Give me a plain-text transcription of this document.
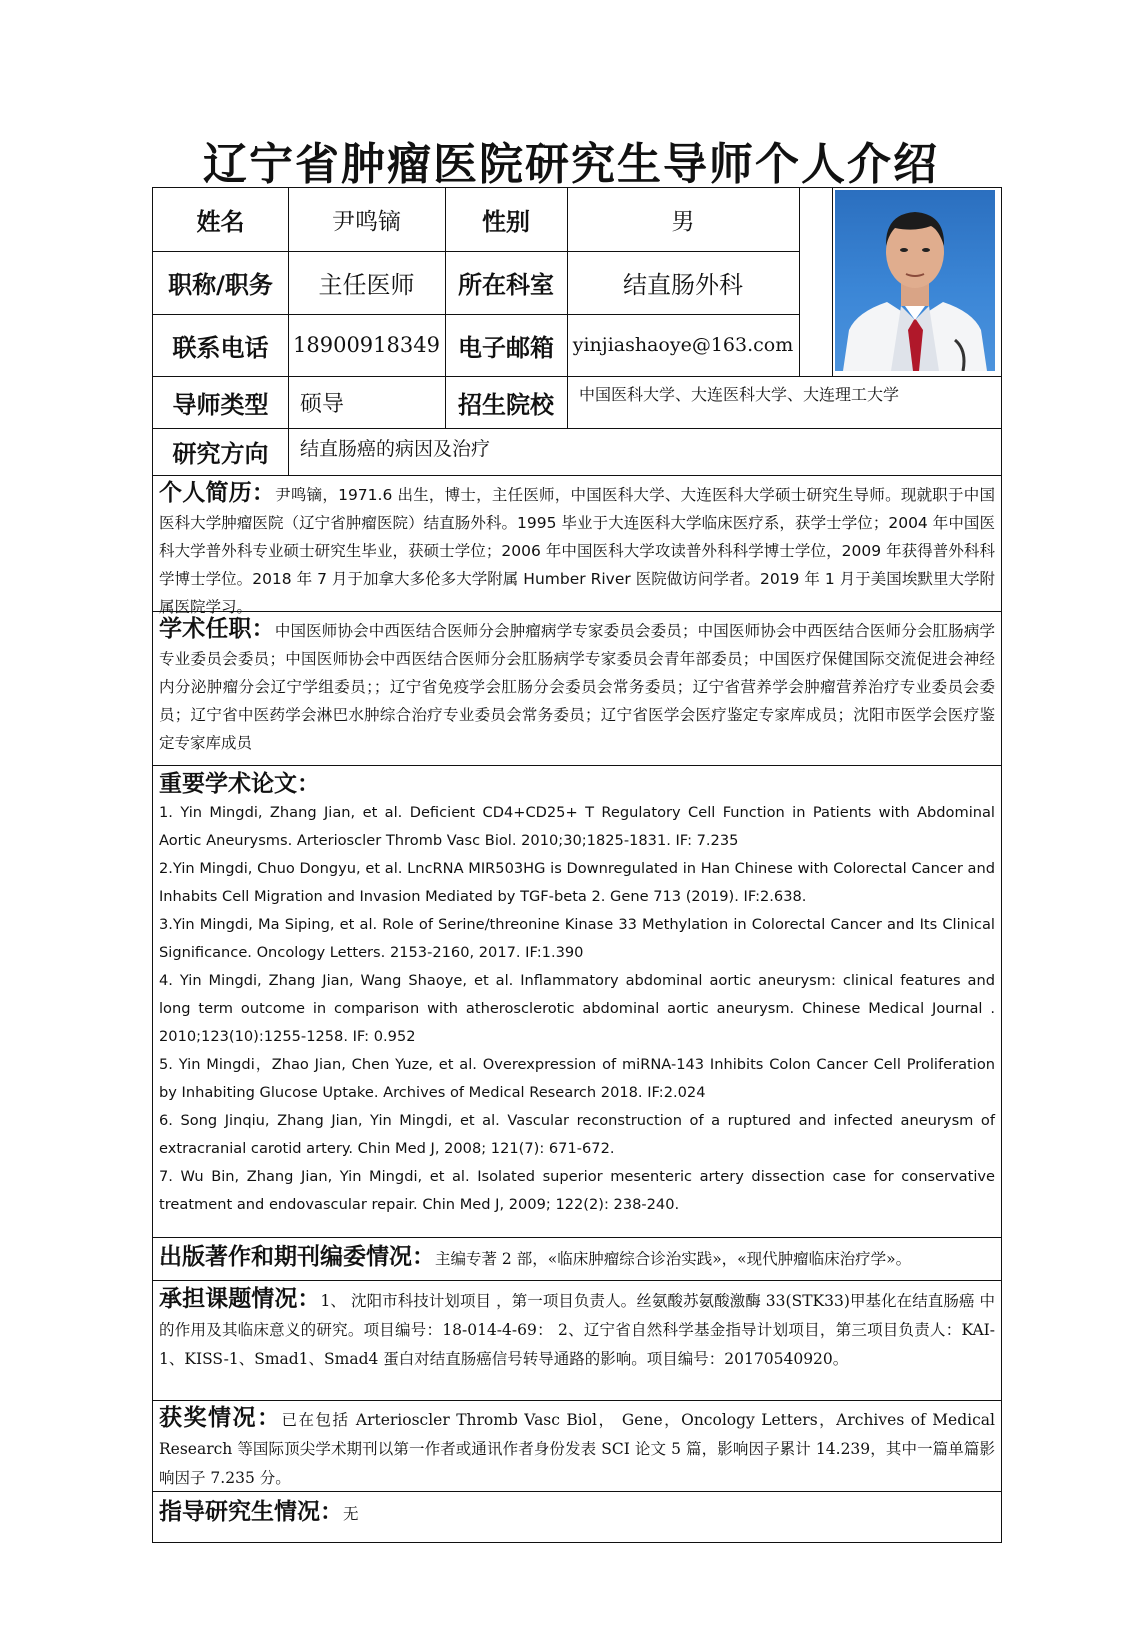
辽宁省肿瘤医院研究生导师个人介绍
姓名	尹鸣镝	性别	男
职称/职务	主任医师	所在科室	结直肠外科
联系电话	18900918349 电子邮箱 yinjiashaoye@163.com
导师类型	硕导	招生院校	中国医科大学、大连医科大学、大连理工大学
研究方向	结直肠癌的病因及治疗
个人简历：尹鸣镝，1971.6 出生，博士，主任医师，中国医科大学、大连医科大学硕士研究生导师。现就职于中国医科大学肿瘤医院（辽宁省肿瘤医院）结直肠外科。1995 毕业于大连医科大学临床医疗系，获学士学位；2004 年中国医科大学普外科专业硕士研究生毕业，获硕士学位；2006 年中国医科大学攻读普外科科学博士学位，2009 年获得普外科科学博士学位。2018 年 7 月于加拿大多伦多大学附属 Humber River 医院做访问学者。2019 年 1 月于美国埃默里大学附属医院学习。
学术任职：中国医师协会中西医结合医师分会肿瘤病学专家委员会委员；中国医师协会中西医结合医师分会肛肠病学专业委员会委员；中国医师协会中西医结合医师分会肛肠病学专家委员会青年部委员；中国医疗保健国际交流促进会神经内分泌肿瘤分会辽宁学组委员；；辽宁省免疫学会肛肠分会委员会常务委员；辽宁省营养学会肿瘤营养治疗专业委员会委员；辽宁省中医药学会淋巴水肿综合治疗专业委员会常务委员；辽宁省医学会医疗鉴定专家库成员；沈阳市医学会医疗鉴定专家库成员
重要学术论文：

1. Yin Mingdi, Zhang Jian, et al. Deficient CD4+CD25+ T Regulatory Cell Function in Patients with Abdominal Aortic Aneurysms. Arterioscler Thromb Vasc Biol. 2010;30;1825-1831. IF: 7.235

2.Yin Mingdi, Chuo Dongyu, et al. LncRNA MIR503HG is Downregulated in Han Chinese with Colorectal Cancer and Inhabits Cell Migration and Invasion Mediated by TGF-beta 2. Gene 713 (2019). IF:2.638.

3.Yin Mingdi, Ma Siping, et al. Role of Serine/threonine Kinase 33 Methylation in Colorectal Cancer and Its Clinical Significance. Oncology Letters. 2153-2160, 2017. IF:1.390

4. Yin Mingdi, Zhang Jian, Wang Shaoye, et al. Inflammatory abdominal aortic aneurysm: clinical features and long term outcome in comparison with atherosclerotic abdominal aortic aneurysm. Chinese Medical Journal . 2010;123(10):1255-1258. IF: 0.952

5. Yin Mingdi，Zhao Jian, Chen Yuze, et al. Overexpression of miRNA-143 Inhibits Colon Cancer Cell Proliferation by Inhabiting Glucose Uptake. Archives of Medical Research 2018. IF:2.024

6. Song Jinqiu, Zhang Jian, Yin Mingdi, et al. Vascular reconstruction of a ruptured and infected aneurysm of extracranial carotid artery. Chin Med J, 2008; 121(7): 671-672.

7. Wu Bin, Zhang Jian, Yin Mingdi, et al. Isolated superior mesenteric artery dissection case for conservative treatment and endovascular repair. Chin Med J, 2009; 122(2): 238-240.

出版著作和期刊编委情况：主编专著 2 部，«临床肿瘤综合诊治实践»，«现代肿瘤临床治疗学»。
承担课题情况：1、 沈阳市科技计划项目 ，第一项目负责人。丝氨酸苏氨酸激酶 33(STK33)甲基化在结直肠癌 中的作用及其临床意义的研究。项目编号：18-014-4-69： 2、辽宁省自然科学基金指导计划项目，第三项目负责人：KAI-1、KISS-1、Smad1、Smad4 蛋白对结直肠癌信号转导通路的影响。项目编号：20170540920。
获奖情况：已在包括 Arterioscler Thromb Vasc Biol， Gene，Oncology Letters，Archives of Medical Research 等国际顶尖学术期刊以第一作者或通讯作者身份发表 SCI 论文 5 篇，影响因子累计 14.239，其中一篇单篇影响因子 7.235 分。
指导研究生情况：无
